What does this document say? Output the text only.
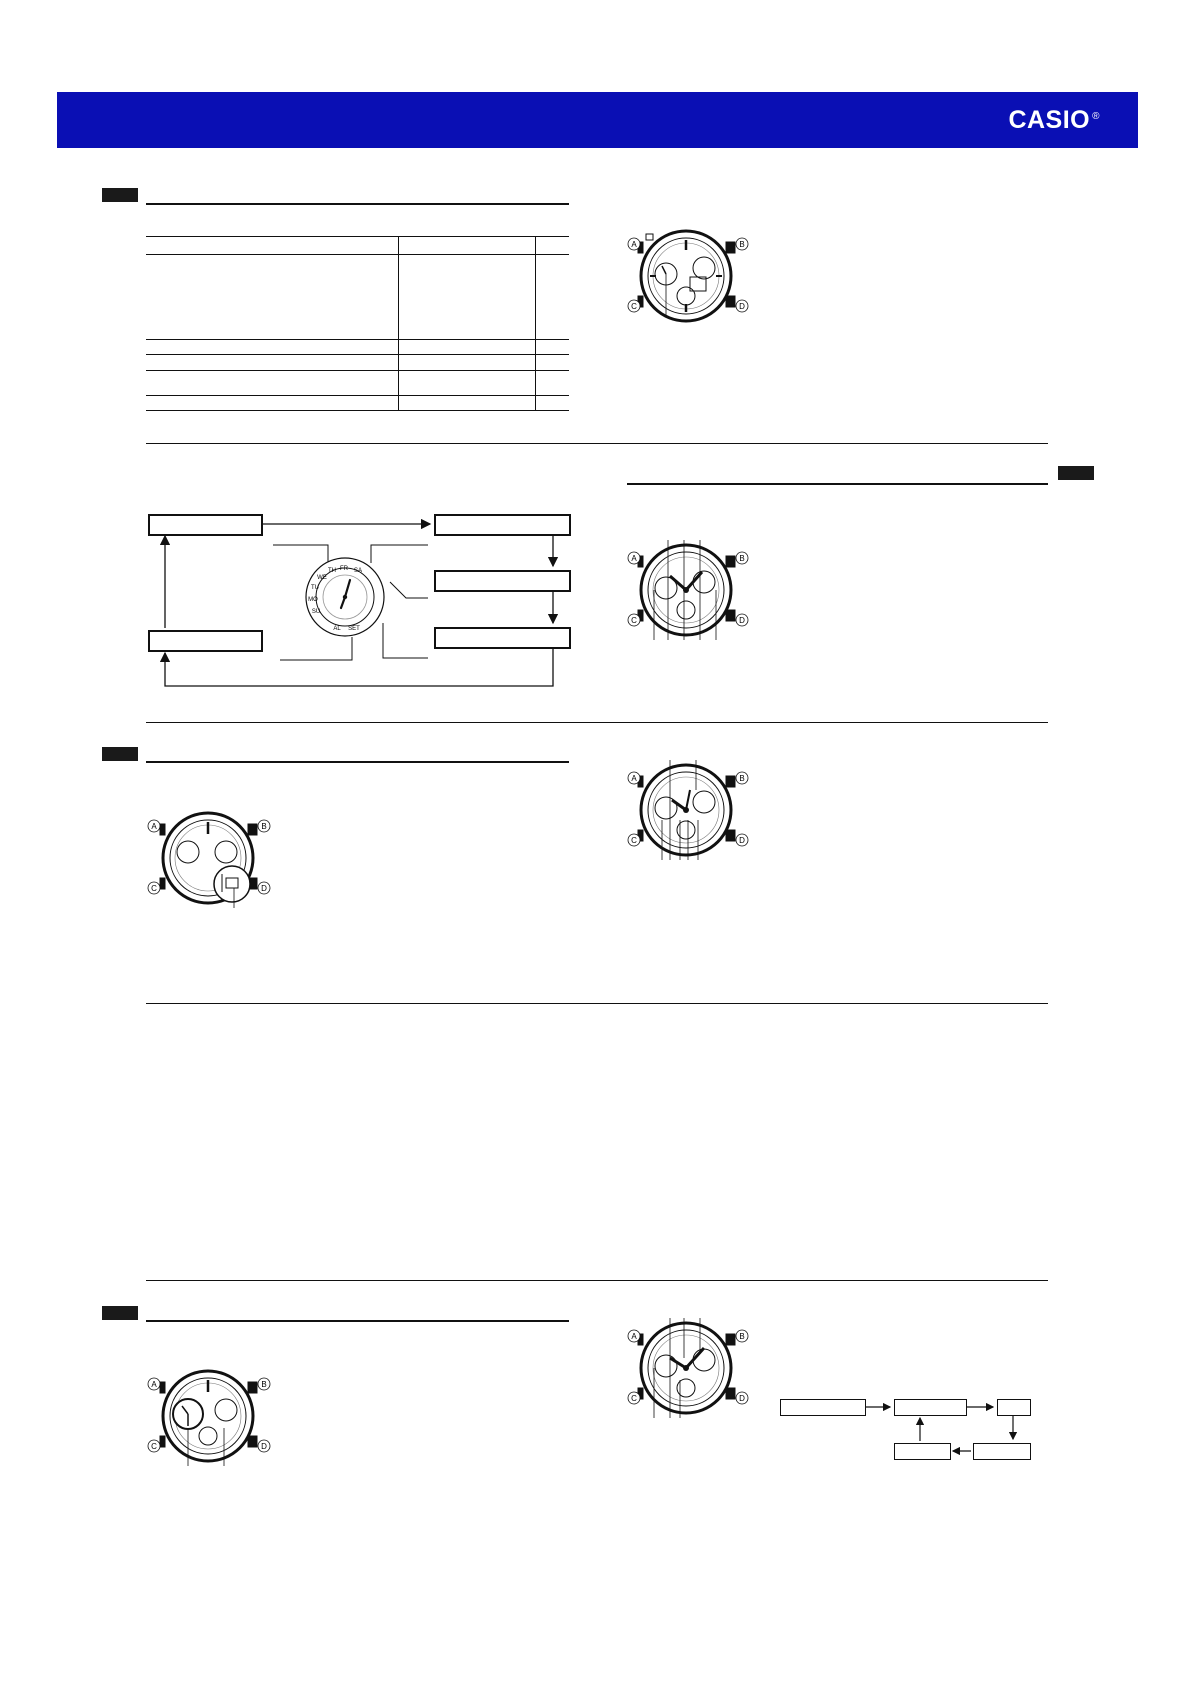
CASIO ®
FR SA
TH
WE
TU
MO
SU
AL SET
A	B
C	D
A	B
C	D
A	B
C	D
A	B
C	D
A	B
C	D
A	B
C	D
